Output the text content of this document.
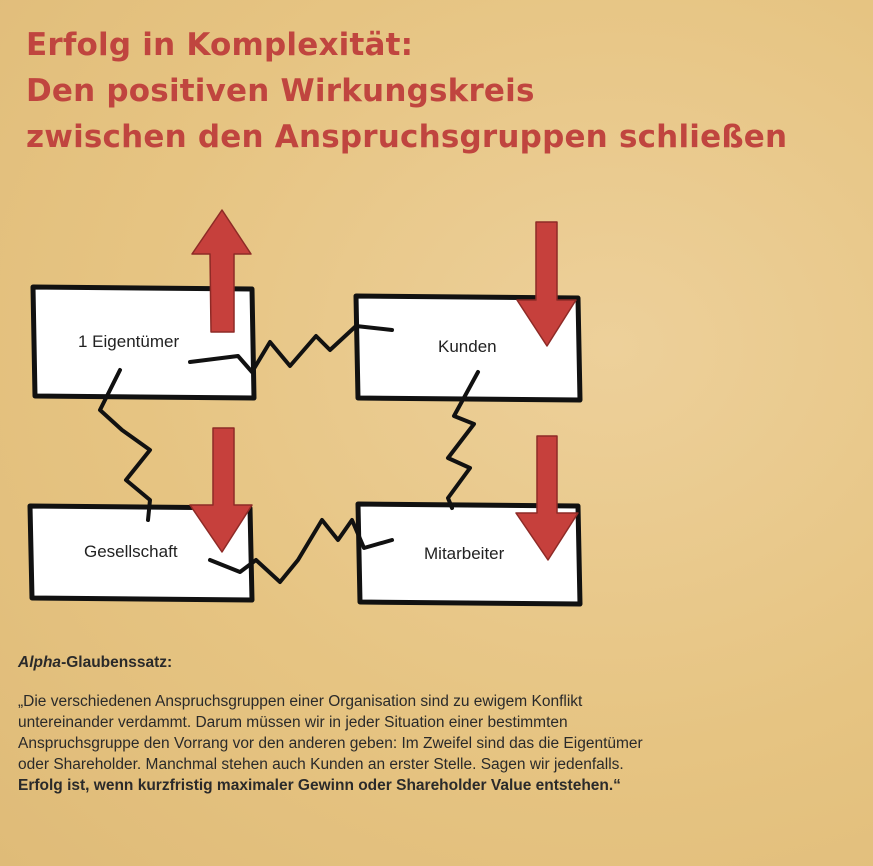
Erfolg in Komplexität:
Den positiven Wirkungskreis
zwischen den Anspruchsgruppen schließen
1 Eigentümer	Kunden
Gesellschaft	Mitarbeiter
Alpha-Glaubenssatz:
„Die verschiedenen Anspruchsgruppen einer Organisation sind zu ewigem Konflikt untereinander verdammt. Darum müssen wir in jeder Situation einer bestimmten Anspruchsgruppe den Vorrang vor den anderen geben: Im Zweifel sind das die Eigentümer oder Shareholder. Manchmal stehen auch Kunden an erster Stelle. Sagen wir jedenfalls. Erfolg ist, wenn kurzfristig maximaler Gewinn oder Shareholder Value entstehen.“
